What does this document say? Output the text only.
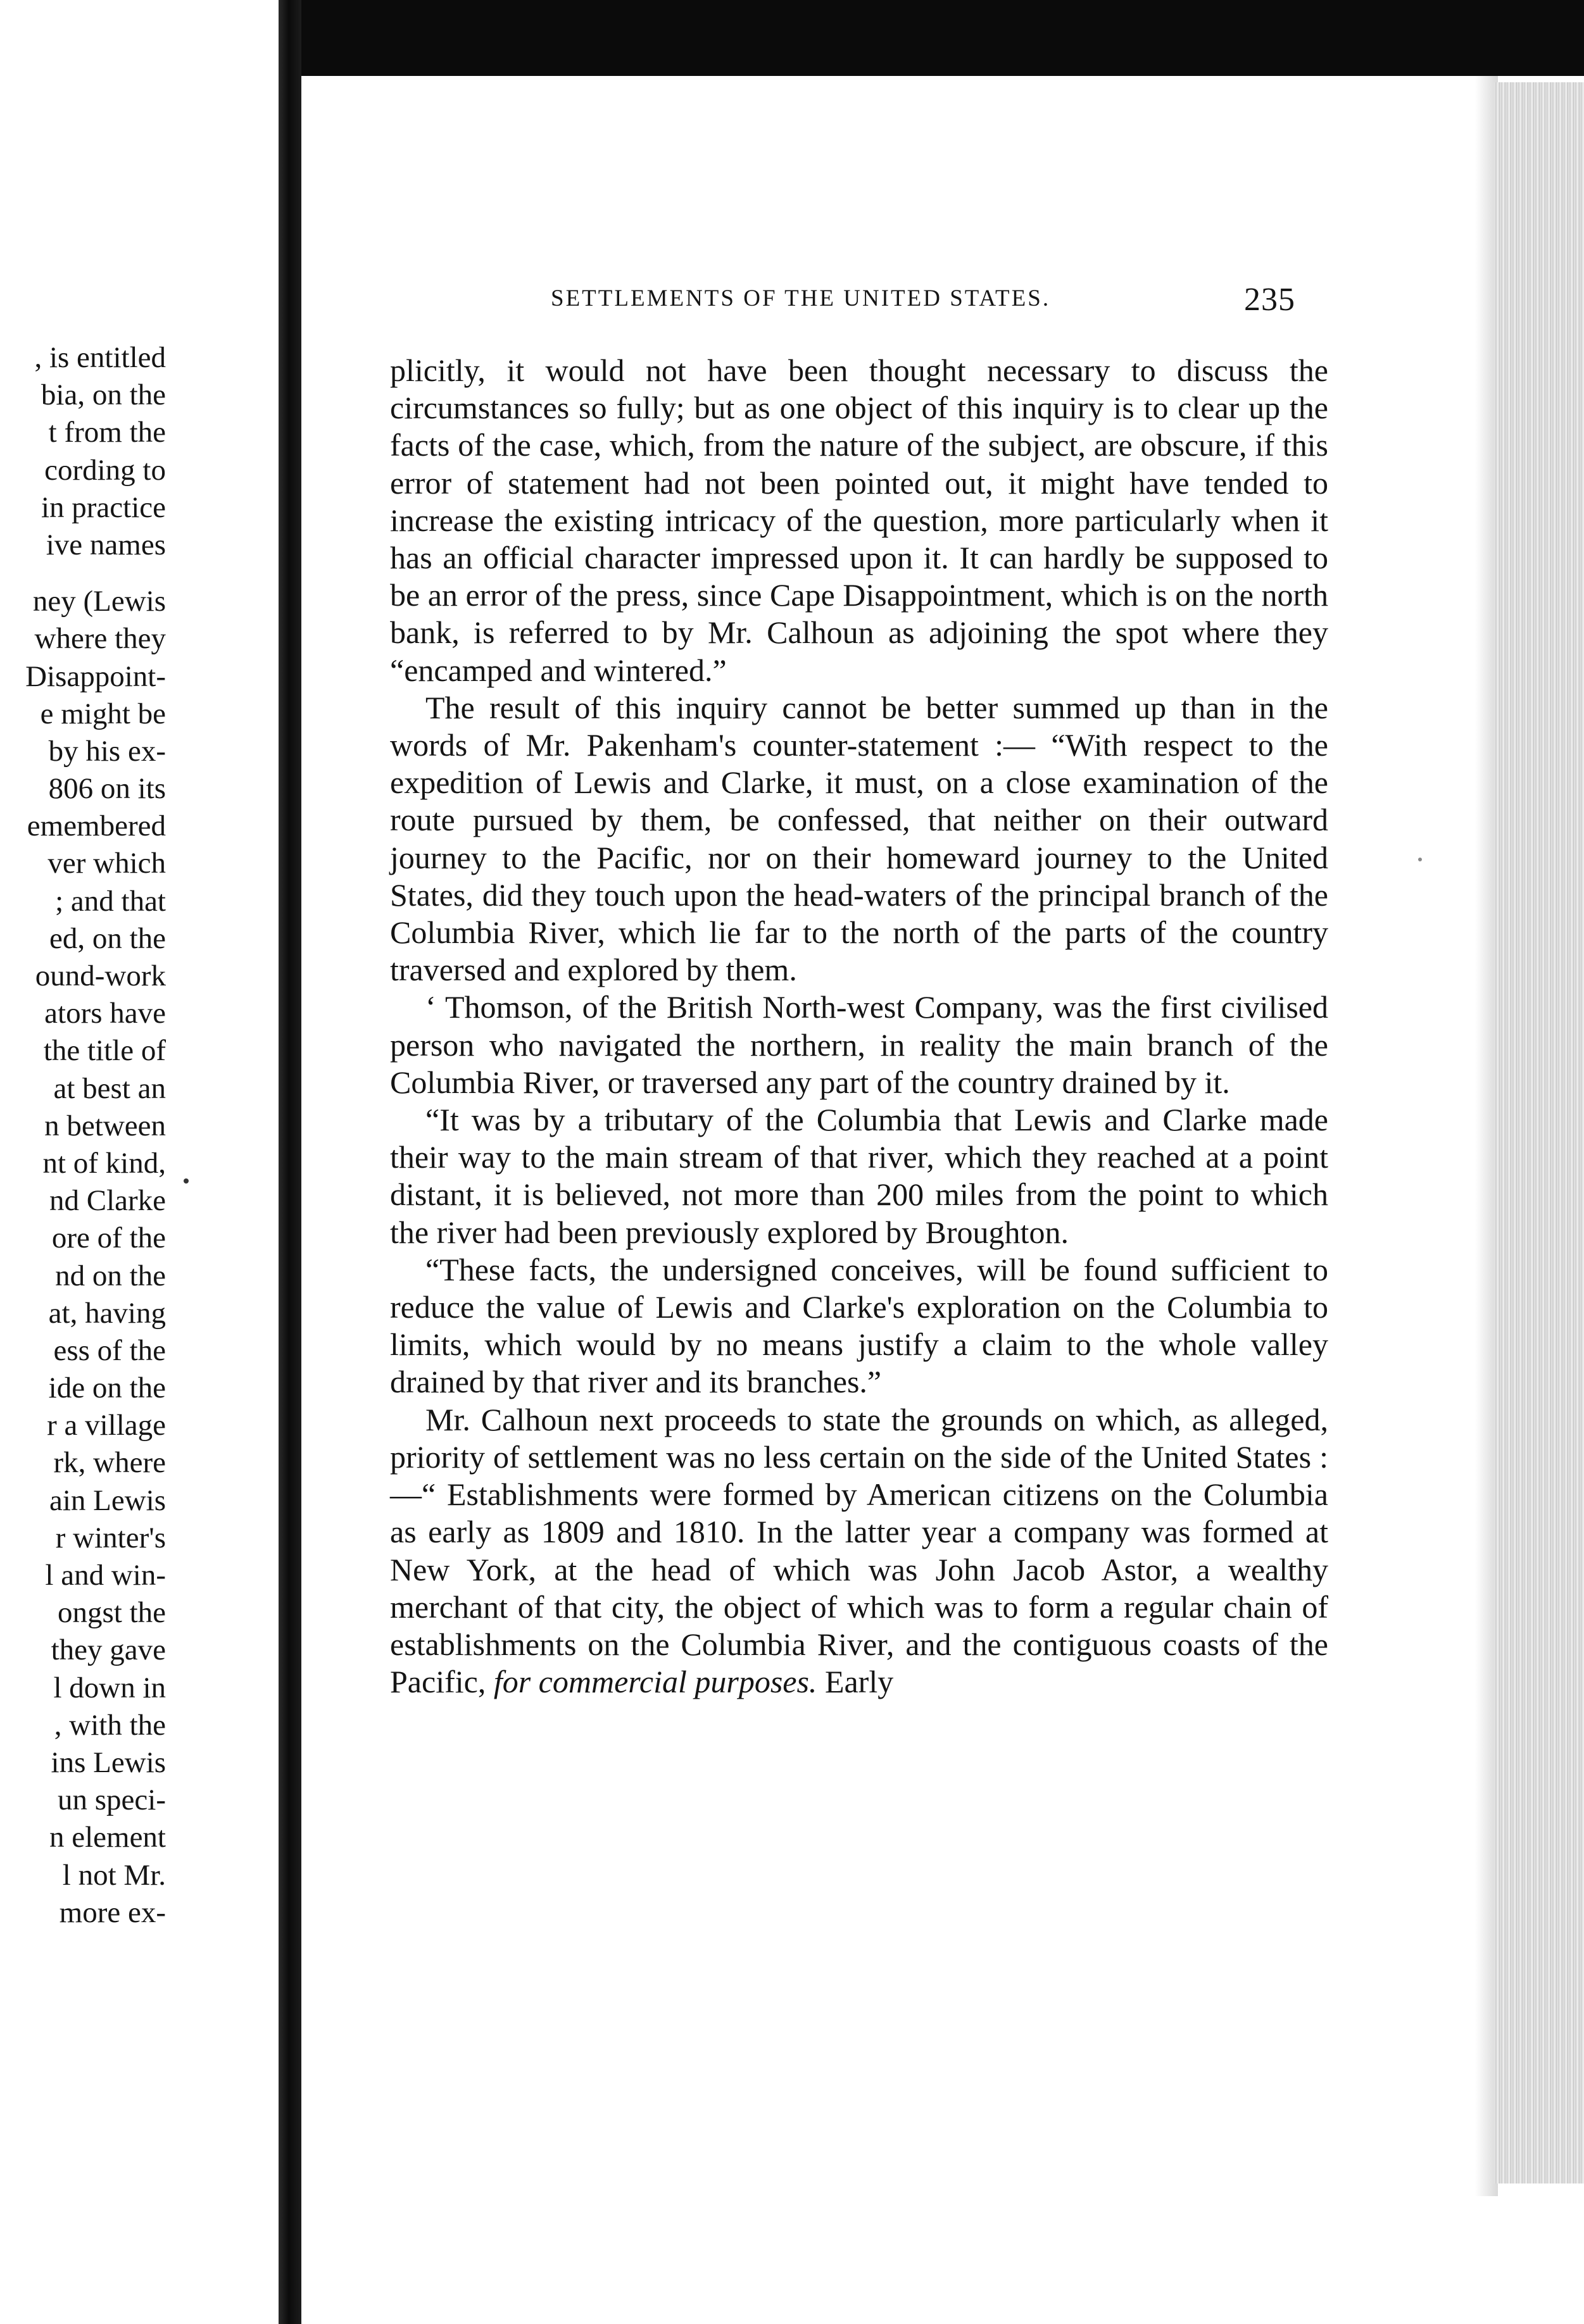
, is entitled
bia, on the
t from the
cording to
in practice
ive names
ney (Lewis
where they
Disappoint-
e might be
by his ex-
806 on its
emembered
ver which
; and that
ed, on the
ound-work
ators have
the title of
at best an
n between
nt of kind,
nd Clarke
ore of the
nd on the
at, having
ess of the
ide on the
r a village
rk, where
ain Lewis
r winter's
l and win-
ongst the
they gave
l down in
, with the
ins Lewis
un speci-
n element
l not Mr.
more ex-
SETTLEMENTS OF THE UNITED STATES.	235

plicitly, it would not have been thought necessary to discuss the circumstances so fully; but as one object of this inquiry is to clear up the facts of the case, which, from the nature of the subject, are obscure, if this error of statement had not been pointed out, it might have tended to increase the existing intricacy of the question, more particularly when it has an official character impressed upon it. It can hardly be supposed to be an error of the press, since Cape Disappointment, which is on the north bank, is referred to by Mr. Calhoun as adjoining the spot where they “encamped and wintered.”

The result of this inquiry cannot be better summed up than in the words of Mr. Pakenham's counter-statement :— “With respect to the expedition of Lewis and Clarke, it must, on a close examination of the route pursued by them, be confessed, that neither on their outward journey to the Pacific, nor on their homeward journey to the United States, did they touch upon the head-waters of the principal branch of the Columbia River, which lie far to the north of the parts of the country traversed and explored by them.

‘ Thomson, of the British North-west Company, was the first civilised person who navigated the northern, in reality the main branch of the Columbia River, or traversed any part of the country drained by it.

“It was by a tributary of the Columbia that Lewis and Clarke made their way to the main stream of that river, which they reached at a point distant, it is believed, not more than 200 miles from the point to which the river had been previously explored by Broughton.

“These facts, the undersigned conceives, will be found sufficient to reduce the value of Lewis and Clarke's exploration on the Columbia to limits, which would by no means justify a claim to the whole valley drained by that river and its branches.”

Mr. Calhoun next proceeds to state the grounds on which, as alleged, priority of settlement was no less certain on the side of the United States :—“ Establishments were formed by American citizens on the Columbia as early as 1809 and 1810. In the latter year a company was formed at New York, at the head of which was John Jacob Astor, a wealthy merchant of that city, the object of which was to form a regular chain of establishments on the Columbia River, and the contiguous coasts of the Pacific, for commercial purposes. Early
